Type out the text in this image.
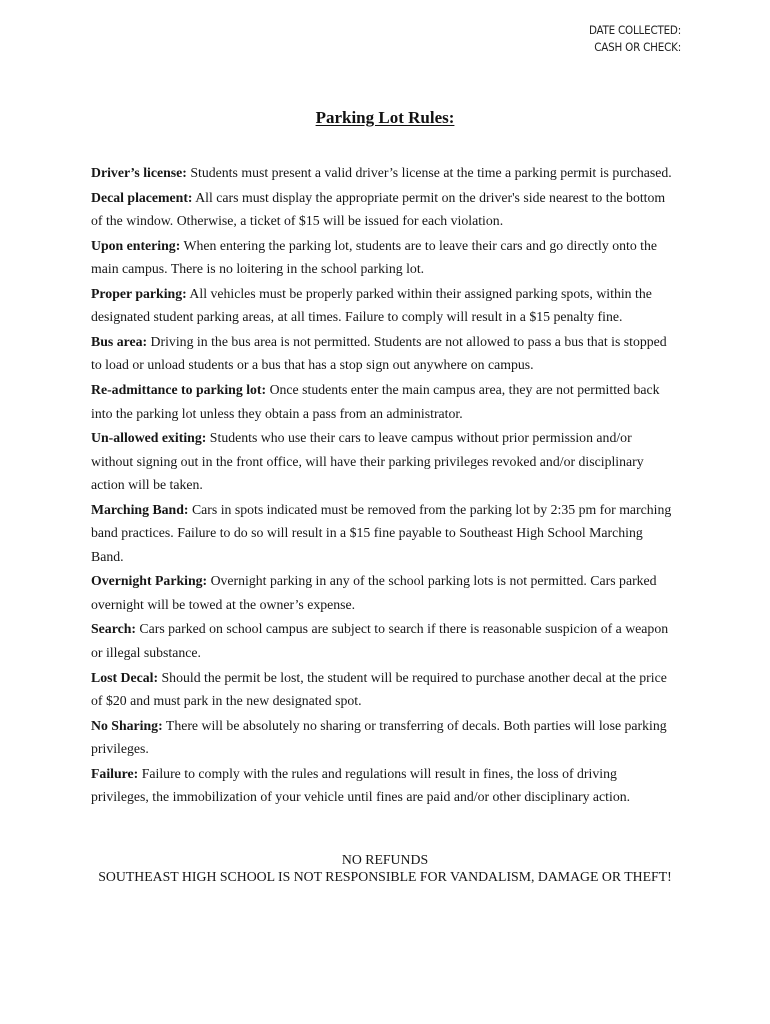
DATE COLLECTED:
CASH OR CHECK:
Parking Lot Rules:

Driver’s license: Students must present a valid driver’s license at the time a parking permit is purchased.

Decal placement: All cars must display the appropriate permit on the driver's side nearest to the bottom of the window. Otherwise, a ticket of $15 will be issued for each violation.

Upon entering: When entering the parking lot, students are to leave their cars and go directly onto the main campus. There is no loitering in the school parking lot.

Proper parking: All vehicles must be properly parked within their assigned parking spots, within the designated student parking areas, at all times. Failure to comply will result in a $15 penalty fine.

Bus area: Driving in the bus area is not permitted. Students are not allowed to pass a bus that is stopped to load or unload students or a bus that has a stop sign out anywhere on campus.

Re-admittance to parking lot: Once students enter the main campus area, they are not permitted back into the parking lot unless they obtain a pass from an administrator.

Un-allowed exiting: Students who use their cars to leave campus without prior permission and/or without signing out in the front office, will have their parking privileges revoked and/or disciplinary action will be taken.

Marching Band: Cars in spots indicated must be removed from the parking lot by 2:35 pm for marching band practices. Failure to do so will result in a $15 fine payable to Southeast High School Marching Band.

Overnight Parking: Overnight parking in any of the school parking lots is not permitted. Cars parked overnight will be towed at the owner’s expense.

Search: Cars parked on school campus are subject to search if there is reasonable suspicion of a weapon or illegal substance.

Lost Decal: Should the permit be lost, the student will be required to purchase another decal at the price of $20 and must park in the new designated spot.

No Sharing: There will be absolutely no sharing or transferring of decals. Both parties will lose parking privileges.

Failure: Failure to comply with the rules and regulations will result in fines, the loss of driving privileges, the immobilization of your vehicle until fines are paid and/or other disciplinary action.

NO REFUNDS
SOUTHEAST HIGH SCHOOL IS NOT RESPONSIBLE FOR VANDALISM, DAMAGE OR THEFT!
